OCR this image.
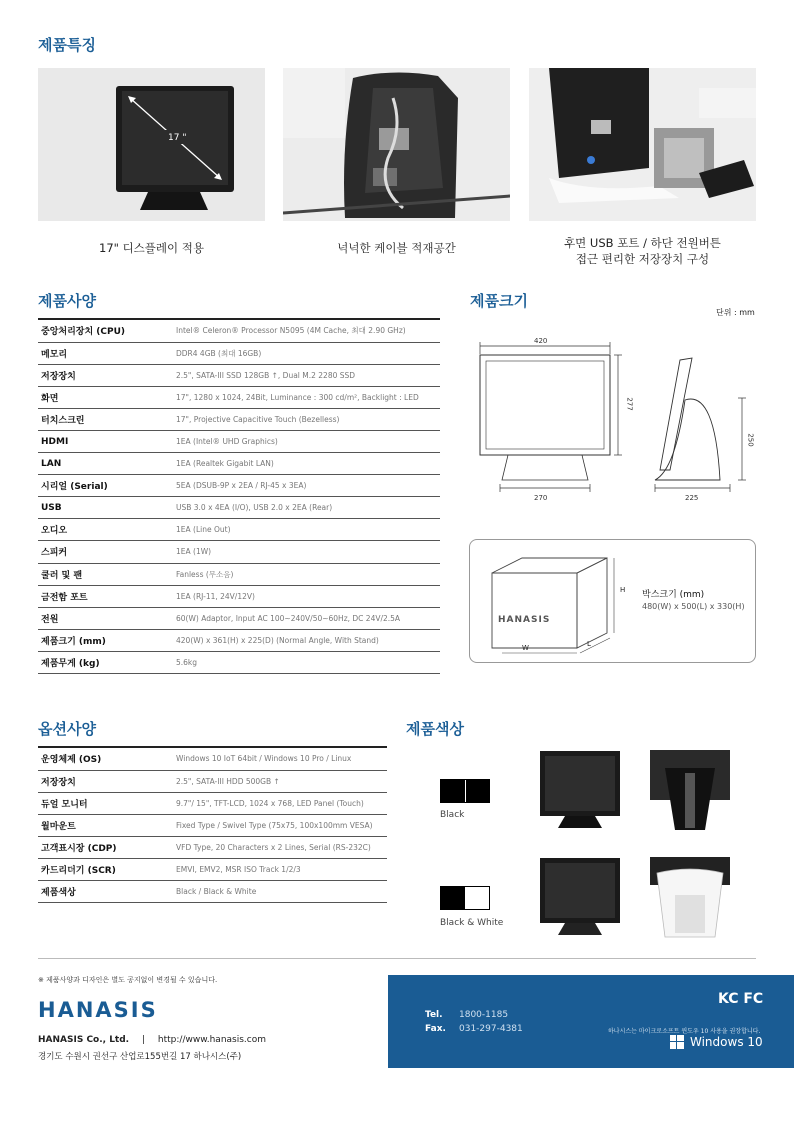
제품특징
17 "
17" 디스플레이 적용	넉넉한 케이블 적재공간	후면 USB 포트 / 하단 전원버튼
접근 편리한 저장장치 구성
제품사양
중앙처리장치 (CPU)	Intel® Celeron® Processor N5095 (4M Cache, 최대 2.90 GHz)
메모리	DDR4 4GB (최대 16GB)
저장장치	2.5", SATA-III SSD 128GB ↑, Dual M.2 2280 SSD
화면	17", 1280 x 1024, 24Bit, Luminance : 300 cd/m², Backlight : LED
터치스크린	17", Projective Capacitive Touch (Bezelless)
HDMI	1EA (Intel® UHD Graphics)
LAN	1EA (Realtek Gigabit LAN)
시리얼 (Serial)	5EA (DSUB-9P x 2EA / RJ-45 x 3EA)
USB	USB 3.0 x 4EA (I/O), USB 2.0 x 2EA (Rear)
오디오	1EA (Line Out)
스피커	1EA (1W)
쿨러 및 팬	Fanless (무소음)
금전함 포트	1EA (RJ-11, 24V/12V)
전원	60(W) Adaptor, Input AC 100~240V/50~60Hz, DC 24V/2.5A
제품크기 (mm)	420(W) x 361(H) x 225(D) (Normal Angle, With Stand)
제품무게 (kg)	5.6kg
제품크기
단위 : mm
420
277
270
250
225
HANASIS
W	L
H 박스크기 (mm)
480(W) x 500(L) x 330(H)
옵션사양
운영체제 (OS)	Windows 10 IoT 64bit / Windows 10 Pro / Linux
저장장치	2.5", SATA-III HDD 500GB ↑
듀얼 모니터	9.7"/ 15", TFT-LCD, 1024 x 768, LED Panel (Touch)
월마운트	Fixed Type / Swivel Type (75x75, 100x100mm VESA)
고객표시장 (CDP)	VFD Type, 20 Characters x 2 Lines, Serial (RS-232C)
카드리더기 (SCR)	EMVI, EMV2, MSR ISO Track 1/2/3
제품색상	Black / Black & White
제품색상
Black
Black & White
※ 제품사양과 디자인은 별도 공지없이 변경될 수 있습니다.
HANASIS
HANASIS Co., Ltd. | http://www.hanasis.com
경기도 수원시 권선구 산업로155번길 17 하나시스(주)
Tel. 1800-1185
Fax. 031-297-4381
KC FC
하나시스는 마이크로소프트 윈도우 10 사용을 권장합니다.
Windows 10
